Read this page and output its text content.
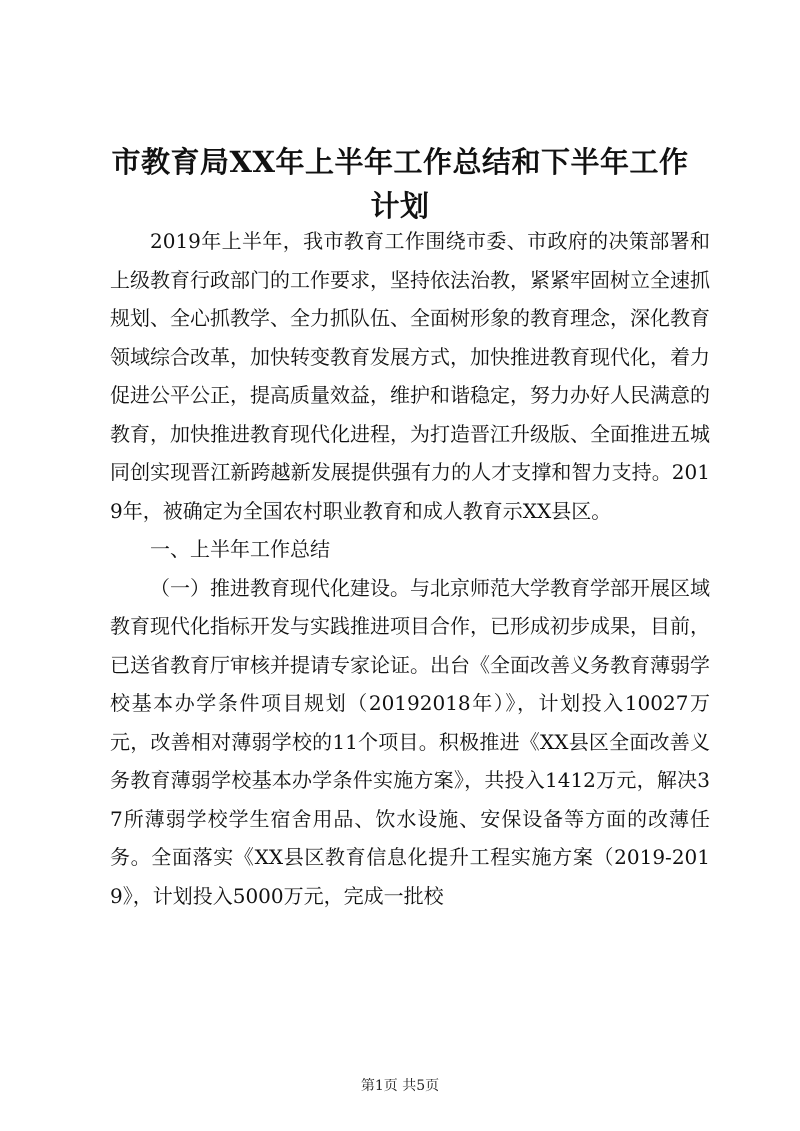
市教育局XX年上半年工作总结和下半年工作
计划

2019年上半年，我市教育工作围绕市委、市政府的决策部署和上级教育行政部门的工作要求，坚持依法治教，紧紧牢固树立全速抓规划、全心抓教学、全力抓队伍、全面树形象的教育理念，深化教育领域综合改革，加快转变教育发展方式，加快推进教育现代化，着力促进公平公正，提高质量效益，维护和谐稳定，努力办好人民满意的教育，加快推进教育现代化进程，为打造晋江升级版、全面推进五城同创实现晋江新跨越新发展提供强有力的人才支撑和智力支持。2019年，被确定为全国农村职业教育和成人教育示XX县区。

一、上半年工作总结

（一）推进教育现代化建设。与北京师范大学教育学部开展区域教育现代化指标开发与实践推进项目合作，已形成初步成果，目前，已送省教育厅审核并提请专家论证。出台《全面改善义务教育薄弱学校基本办学条件项目规划（20192018年）》，计划投入10027万元，改善相对薄弱学校的11个项目。积极推进《XX县区全面改善义务教育薄弱学校基本办学条件实施方案》，共投入1412万元，解决37所薄弱学校学生宿舍用品、饮水设施、安保设备等方面的改薄任务。全面落实《XX县区教育信息化提升工程实施方案（2019-2019》，计划投入5000万元，完成一批校

第1页 共5页
